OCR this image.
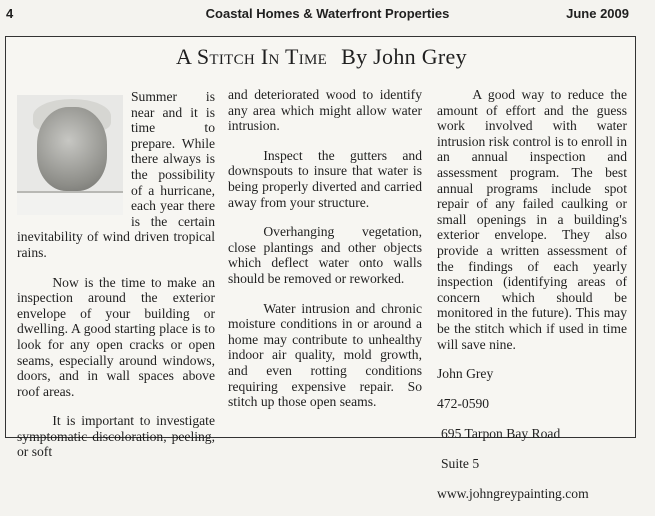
4	Coastal Homes & Waterfront Properties	June 2009
A Stitch In Time By John Grey

Summer is near and it is time to prepare. While there always is the possibility of a hurricane, each year there is the certain inevitability of wind driven tropical rains.

Now is the time to make an inspection around the exterior envelope of your building or dwelling. A good starting place is to look for any open cracks or open seams, especially around windows, doors, and in wall spaces above roof areas.

It is important to investigate symptomatic discoloration, peeling, or soft

and deteriorated wood to identify any area which might allow water intrusion.

Inspect the gutters and downspouts to insure that water is being properly diverted and carried away from your structure.

Overhanging vegetation, close plantings and other objects which deflect water onto walls should be removed or reworked.

Water intrusion and chronic moisture conditions in or around a home may contribute to unhealthy indoor air quality, mold growth, and even rotting conditions requiring expensive repair. So stitch up those open seams.

A good way to reduce the amount of effort and the guess work involved with water intrusion risk control is to enroll in an annual inspection and assessment program. The best annual programs include spot repair of any failed caulking or small openings in a building's exterior envelope. They also provide a written assessment of the findings of each yearly inspection (identifying areas of concern which should be monitored in the future). This may be the stitch which if used in time will save nine.

John Grey

472-0590

695 Tarpon Bay Road

Suite 5

www.johngreypainting.com
